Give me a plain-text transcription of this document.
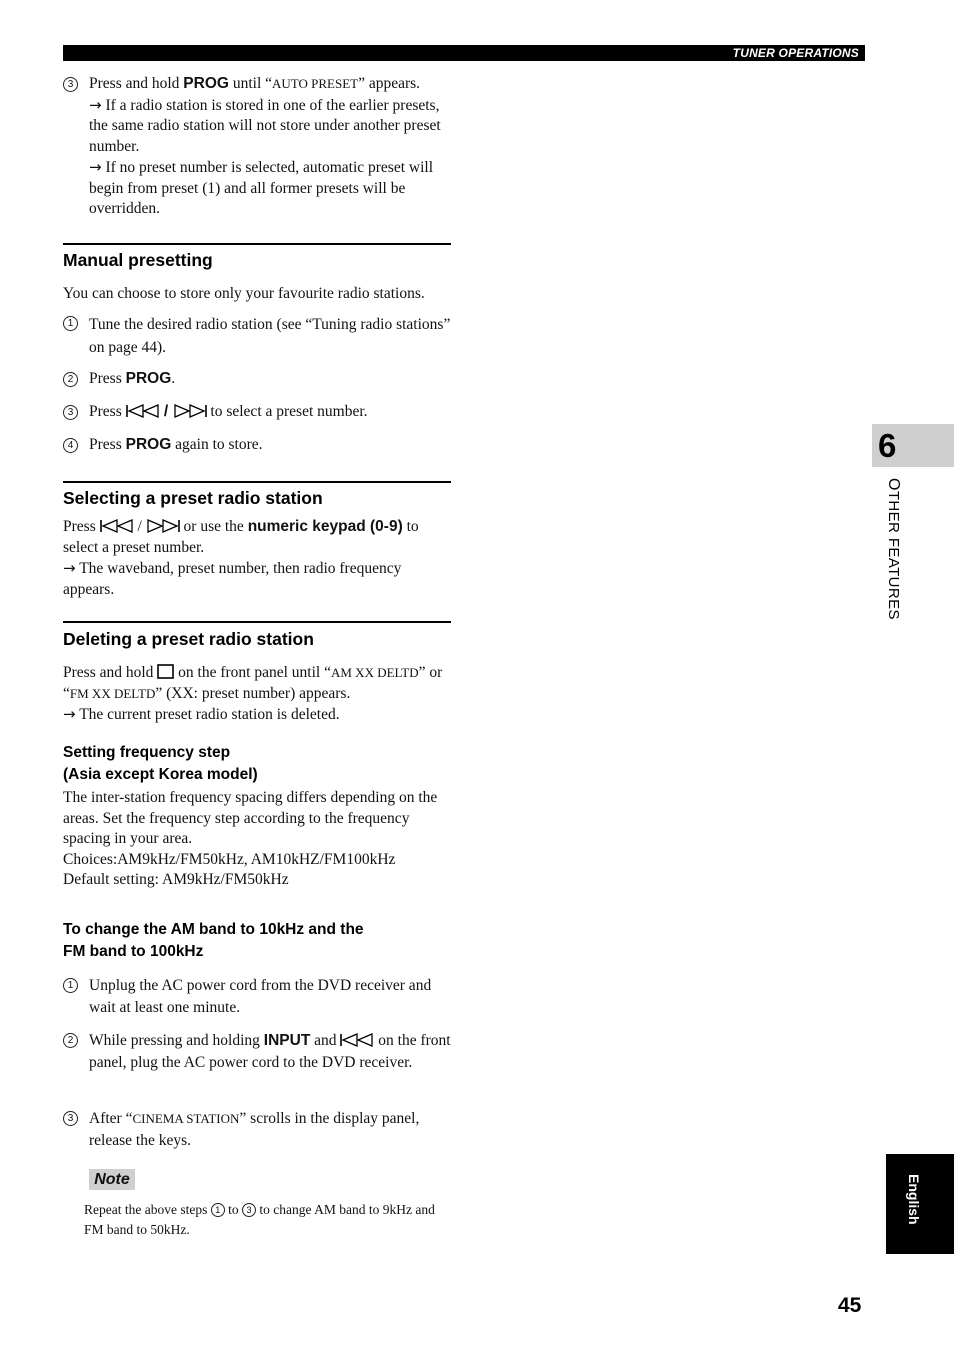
TUNER OPERATIONS
3	Press and hold PROG until “AUTO PRESET” appears.
→ If a radio station is stored in one of the earlier presets, the same radio station will not store under another preset number.
→ If no preset number is selected, automatic preset will begin from preset (1) and all former presets will be overridden.
Manual presetting
You can choose to store only your favourite radio stations.
1	Tune the desired radio station (see “Tuning radio stations” on page 44).
2	Press PROG.
3	Press  /  to select a preset number.
4	Press PROG again to store.
Selecting a preset radio station
Press  /  or use the numeric keypad (0-9) to select a preset number.
→ The waveband, preset number, then radio frequency appears.
Deleting a preset radio station
Press and hold  on the front panel until “AM XX DELTD” or “FM XX DELTD” (XX: preset number) appears.
→ The current preset radio station is deleted.
Setting frequency step
(Asia except Korea model)
The inter-station frequency spacing differs depending on the areas. Set the frequency step according to the frequency spacing in your area.
Choices:AM9kHz/FM50kHz, AM10kHZ/FM100kHz
Default setting: AM9kHz/FM50kHz
To change the AM band to 10kHz and the
FM band to 100kHz
1	Unplug the AC power cord from the DVD receiver and wait at least one minute.
2	While pressing and holding INPUT and  on the front panel, plug the AC power cord to the DVD receiver.
3	After “CINEMA STATION” scrolls in the display panel, release the keys.
Note
Repeat the above steps 1 to 3 to change AM band to 9kHz and FM band to 50kHz.
6
OTHER FEATURES
English
45
